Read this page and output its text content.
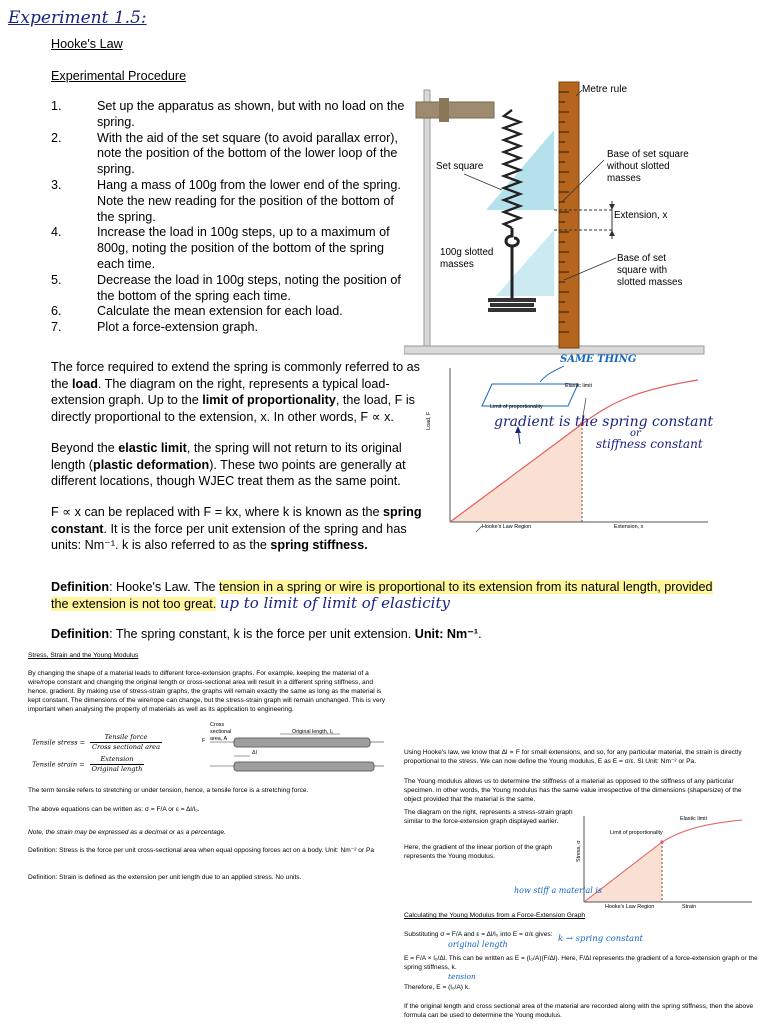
Experiment 1.5:
Hooke's Law
Experimental Procedure
1.	Set up the apparatus as shown, but with no load on the spring.
2.	With the aid of the set square (to avoid parallax error), note the position of the bottom of the lower loop of the spring.
3.	Hang a mass of 100g from the lower end of the spring. Note the new reading for the position of the bottom of the spring.
4.	Increase the load in 100g steps, up to a maximum of 800g, noting the position of the bottom of the spring each time.
5.	Decrease the load in 100g steps, noting the position of the bottom of the spring each time.
6.	Calculate the mean extension for each load.
7.	Plot a force-extension graph.
Metre rule
Set square
Base of set square without slotted masses
Extension, x
100g slotted masses
Base of set square with slotted masses
The force required to extend the spring is commonly referred to as the load. The diagram on the right, represents a typical load-extension graph. Up to the limit of proportionality, the load, F is directly proportional to the extension, x. In other words, F ∝ x.
Beyond the elastic limit, the spring will not return to its original length (plastic deformation). These two points are generally at different locations, though WJEC treat them as the same point.
F ∝ x can be replaced with F = kx, where k is known as the spring constant. It is the force per unit extension of the spring and has units: Nm⁻¹. k is also referred to as the spring stiffness.
SAME THING
Elastic limit
Limit of proportionality
gradient is the spring constant
or
stiffness constant
Load, F
Extension, x
Hooke's Law Region
Definition: Hooke's Law. The tension in a spring or wire is proportional to its extension from its natural length, provided the extension is not too great. up to limit of limit of elasticity
Definition: The spring constant, k is the force per unit extension. Unit: Nm⁻¹.
Stress, Strain and the Young Modulus
By changing the shape of a material leads to different force-extension graphs. For example, keeping the material of a wire/rope constant and changing the original length or cross-sectional area will result in a different spring stiffness, and hence, gradient. By making use of stress-strain graphs, the graphs will remain exactly the same as long as the material is kept constant. The dimensions of the wire/rope can change, but the stress-strain graph will remain unchanged. This is very important when analysing the property of materials as well as its application to engineering.
Tensile stress =
Tensile force
Cross sectional area
Tensile strain =
Extension
Original length
Cross sectional area, A
Original length, l₀
F
Δl
The term tensile refers to stretching or under tension, hence, a tensile force is a stretching force.
The above equations can be written as: σ = F/A or ε = Δl/l₀.
Note, the strain may be expressed as a decimal or as a percentage.
Definition: Stress is the force per unit cross-sectional area when equal opposing forces act on a body. Unit: Nm⁻² or Pa
Definition: Strain is defined as the extension per unit length due to an applied stress. No units.
Using Hooke's law, we know that Δl ∝ F for small extensions, and so, for any particular material, the strain is directly proportional to the stress. We can now define the Young modulus, E as E = σ/ε. SI Unit: Nm⁻² or Pa.
The Young modulus allows us to determine the stiffness of a material as opposed to the stiffness of any particular specimen. In other words, the Young modulus has the same value irrespective of the dimensions (shape/size) of the object provided that the material is the same.
The diagram on the right, represents a stress-strain graph similar to the force-extension graph displayed earlier.
Here, the gradient of the linear portion of the graph represents the Young modulus.
Elastic limit
Limit of proportionality
Stress, σ
Strain
Hooke's Law Region
how stiff a material is
Calculating the Young Modulus from a Force-Extension Graph
Substituting σ = F/A and ε = Δl/l₀ into E = σ/ε gives:
original length
k → spring constant
E = F/A × l₀/Δl. This can be written as E = (l₀/A)(F/Δl). Here, F/Δl represents the gradient of a force-extension graph or the spring stiffness, k.
tension
Therefore, E = (l₀/A) k.
If the original length and cross sectional area of the material are recorded along with the spring stiffness, then the above formula can be used to determine the Young modulus.
